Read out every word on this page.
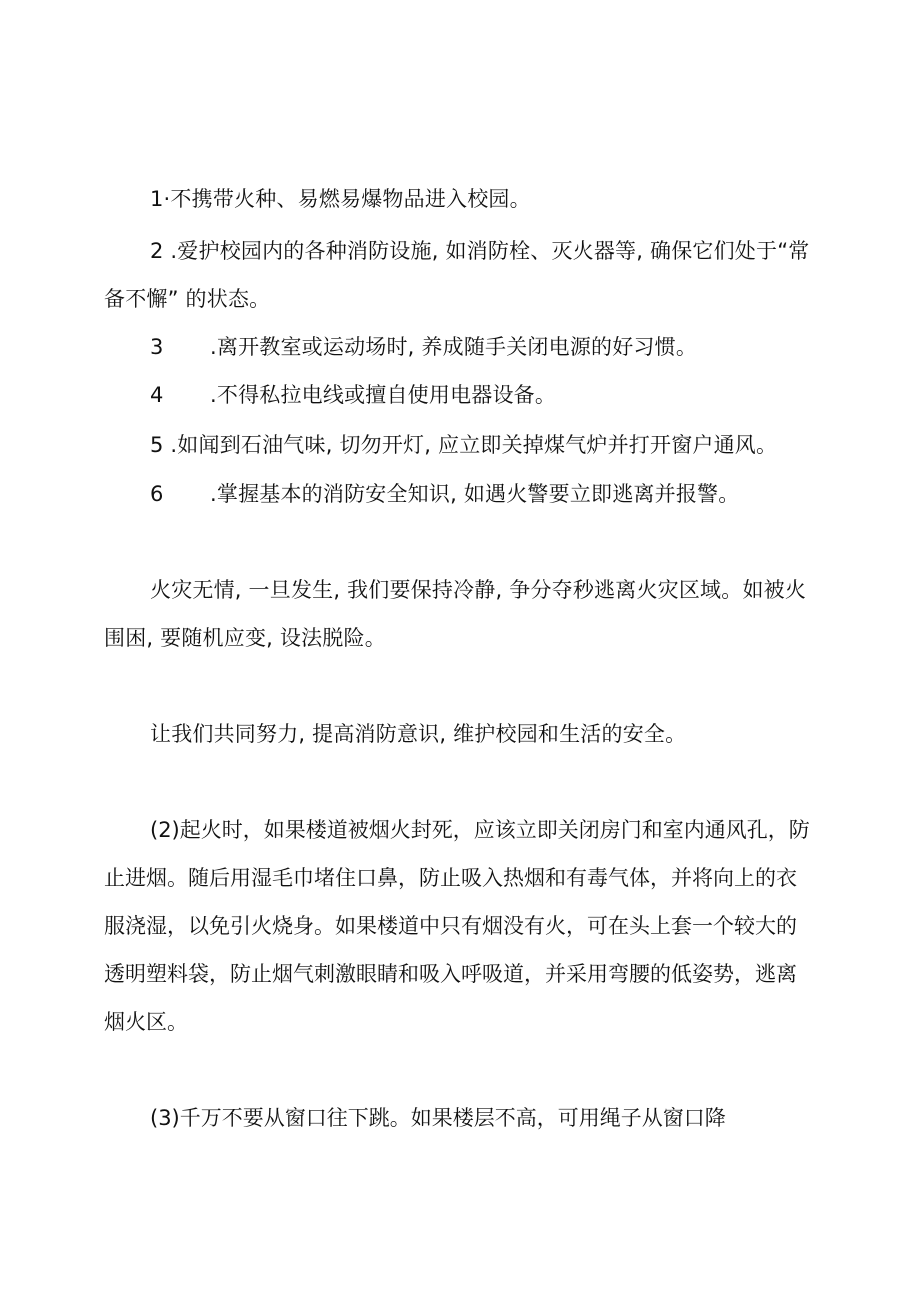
1·不携带火种、易燃易爆物品进入校园。
2 .爱护校园内的各种消防设施, 如消防栓、灭火器等, 确保它们处于“常
备不懈” 的状态。
3 .离开教室或运动场时, 养成随手关闭电源的好习惯。
4 .不得私拉电线或擅自使用电器设备。
5 .如闻到石油气味, 切勿开灯, 应立即关掉煤气炉并打开窗户通风。
6 .掌握基本的消防安全知识, 如遇火警要立即逃离并报警。
火灾无情, 一旦发生, 我们要保持冷静, 争分夺秒逃离火灾区域。如被火
围困, 要随机应变, 设法脱险。
让我们共同努力, 提高消防意识, 维护校园和生活的安全。
(2)起火时，如果楼道被烟火封死，应该立即关闭房门和室内通风孔，防
止进烟。随后用湿毛巾堵住口鼻，防止吸入热烟和有毒气体，并将向上的衣
服浇湿，以免引火烧身。如果楼道中只有烟没有火，可在头上套一个较大的
透明塑料袋，防止烟气刺激眼睛和吸入呼吸道，并采用弯腰的低姿势，逃离
烟火区。
(3)千万不要从窗口往下跳。如果楼层不高，可用绳子从窗口降
